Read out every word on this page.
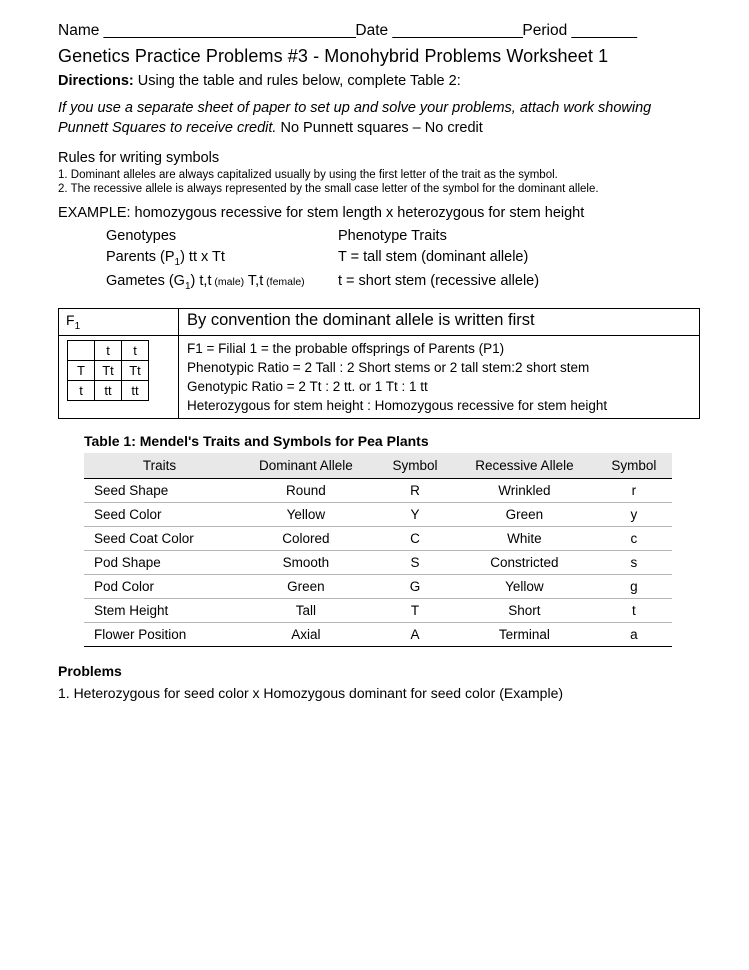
Name _______________________________Date ________________Period ________
Genetics Practice Problems #3 - Monohybrid Problems Worksheet 1
Directions: Using the table and rules below, complete Table 2:
If you use a separate sheet of paper to set up and solve your problems, attach work showing Punnett Squares to receive credit. No Punnett squares – No credit
Rules for writing symbols
1. Dominant alleles are always capitalized usually by using the first letter of the trait as the symbol.
2. The recessive allele is always represented by the small case letter of the symbol for the dominant allele.
EXAMPLE: homozygous recessive for stem length x heterozygous for stem height
Genotypes	Phenotype Traits
Parents $(P_1)$ tt x Tt	T = tall stem (dominant allele)
Gametes $(G_1)$ t,t (male) T,t (female)	t = short stem (recessive allele)
$F_1$	By convention the dominant allele is written first
	t	t
T	Tt	Tt
t	tt	tt
F1 = Filial 1 = the probable offsprings of Parents (P1)
Phenotypic Ratio = 2 Tall : 2 Short stems or 2 tall stem:2 short stem
Genotypic Ratio = 2 Tt : 2 tt. or 1 Tt : 1 tt
Heterozygous for stem height : Homozygous recessive for stem height
Table 1: Mendel's Traits and Symbols for Pea Plants
Traits	Dominant Allele	Symbol	Recessive Allele	Symbol
Seed Shape	Round	R	Wrinkled	r
Seed Color	Yellow	Y	Green	y
Seed Coat Color	Colored	C	White	c
Pod Shape	Smooth	S	Constricted	s
Pod Color	Green	G	Yellow	g
Stem Height	Tall	T	Short	t
Flower Position	Axial	A	Terminal	a
Problems
1. Heterozygous for seed color x Homozygous dominant for seed color (Example)
